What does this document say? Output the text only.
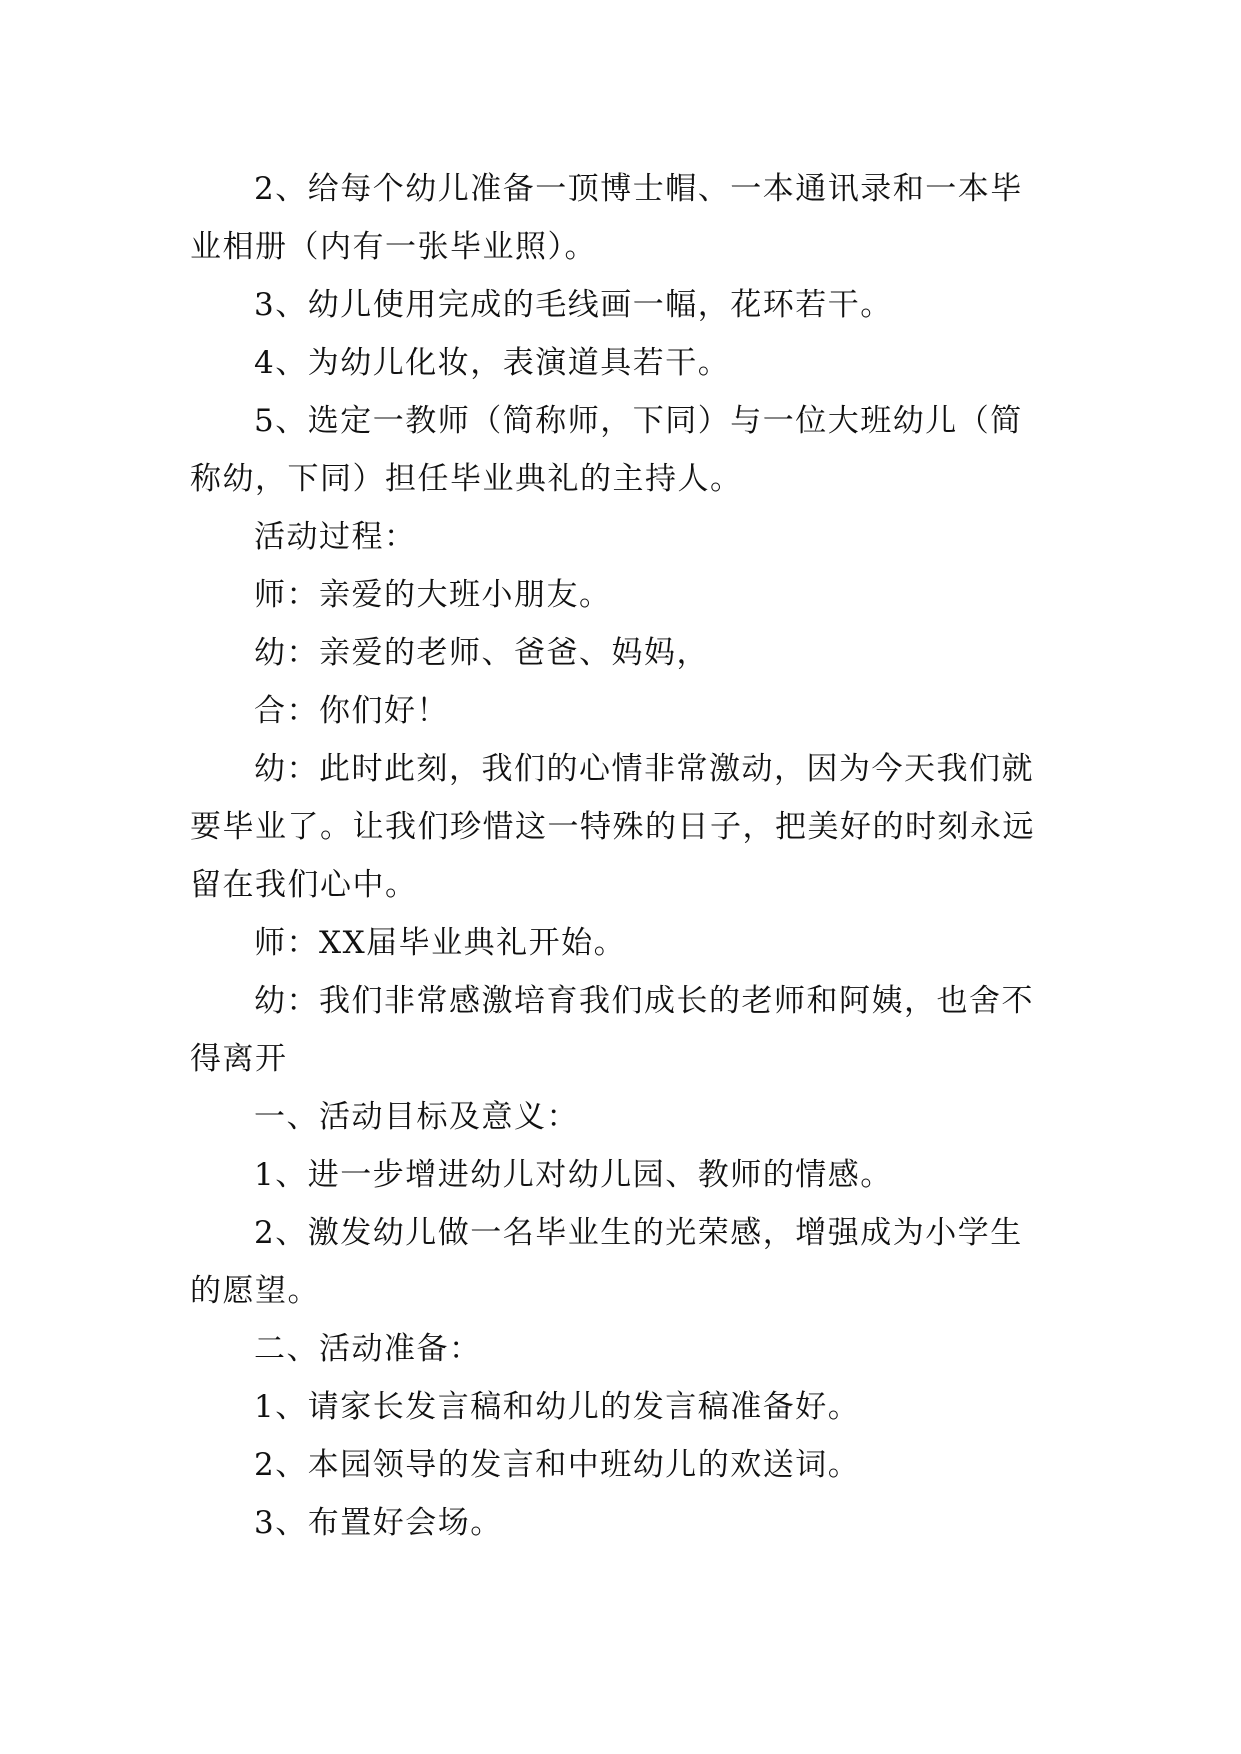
2、给每个幼儿准备一顶博士帽、一本通讯录和一本毕业相册（内有一张毕业照）。

3、幼儿使用完成的毛线画一幅，花环若干。

4、为幼儿化妆，表演道具若干。

5、选定一教师（简称师，下同）与一位大班幼儿（简称幼，下同）担任毕业典礼的主持人。

活动过程：

师：亲爱的大班小朋友。

幼：亲爱的老师、爸爸、妈妈，

合：你们好！

幼：此时此刻，我们的心情非常激动，因为今天我们就要毕业了。让我们珍惜这一特殊的日子，把美好的时刻永远留在我们心中。

师：XX届毕业典礼开始。

幼：我们非常感激培育我们成长的老师和阿姨，也舍不得离开

一、活动目标及意义：

1、进一步增进幼儿对幼儿园、教师的情感。

2、激发幼儿做一名毕业生的光荣感，增强成为小学生的愿望。

二、活动准备：

1、请家长发言稿和幼儿的发言稿准备好。

2、本园领导的发言和中班幼儿的欢送词。

3、布置好会场。
